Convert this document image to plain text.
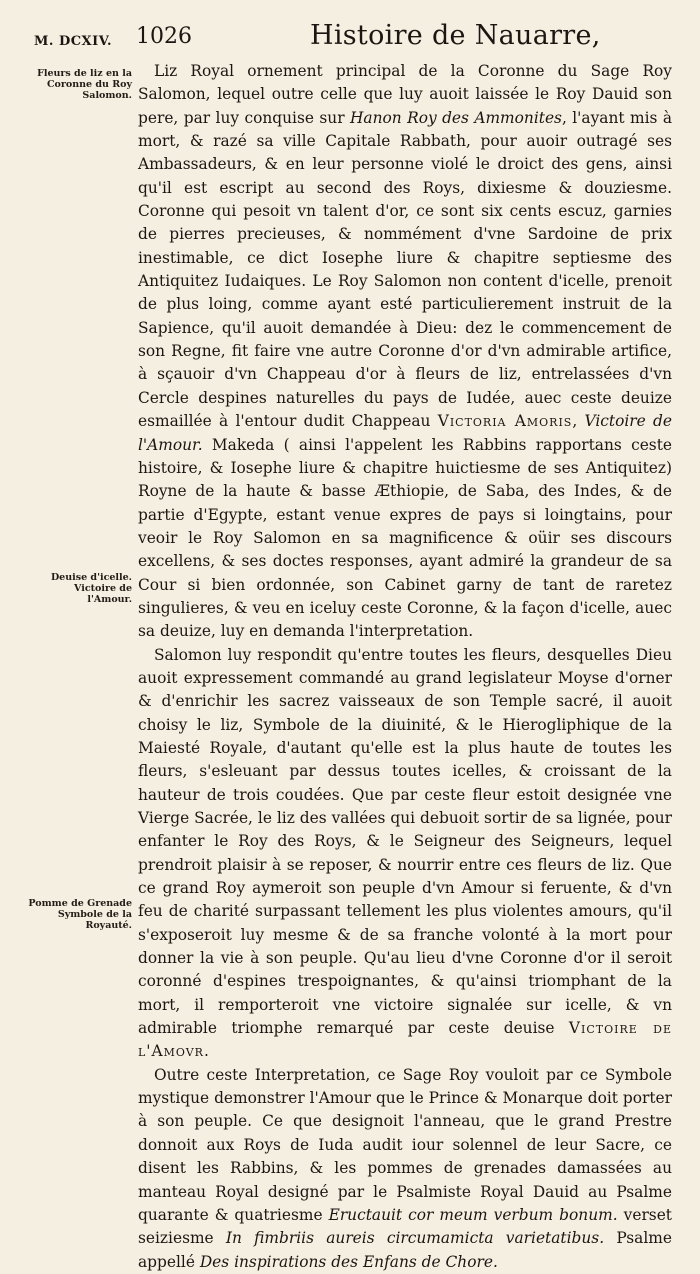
M. DCXIV. 1026	Histoire de Nauarre,
Fleurs de liz en la Coronne du Roy Salomon.
Deuise d'icelle. Victoire de l'Amour.
Pomme de Grenade Symbole de la Royauté.

Liz Royal ornement principal de la Coronne du Sage Roy Salomon, lequel outre celle que luy auoit laissée le Roy Dauid son pere, par luy conquise sur Hanon Roy des Ammonites, l'ayant mis à mort, & razé sa ville Capitale Rabbath, pour auoir outragé ses Ambassadeurs, & en leur personne violé le droict des gens, ainsi qu'il est escript au second des Roys, dixiesme & douziesme. Coronne qui pesoit vn talent d'or, ce sont six cents escuz, garnies de pierres precieuses, & nommément d'vne Sardoine de prix inestimable, ce dict Iosephe liure & chapitre septiesme des Antiquitez Iudaiques. Le Roy Salomon non content d'icelle, prenoit de plus loing, comme ayant esté particulierement instruit de la Sapience, qu'il auoit demandée à Dieu: dez le commencement de son Regne, fit faire vne autre Coronne d'or d'vn admirable artifice, à sçauoir d'vn Chappeau d'or à fleurs de liz, entrelassées d'vn Cercle despines naturelles du pays de Iudée, auec ceste deuize esmaillée à l'entour dudit Chappeau Victoria Amoris, Victoire de l'Amour. Makeda ( ainsi l'appelent les Rabbins rapportans ceste histoire, & Iosephe liure & chapitre huictiesme de ses Antiquitez) Royne de la haute & basse Æthiopie, de Saba, des Indes, & de partie d'Egypte, estant venue expres de pays si loingtains, pour veoir le Roy Salomon en sa magnificence & oüir ses discours excellens, & ses doctes responses, ayant admiré la grandeur de sa Cour si bien ordonnée, son Cabinet garny de tant de raretez singulieres, & veu en iceluy ceste Coronne, & la façon d'icelle, auec sa deuize, luy en demanda l'interpretation.

Salomon luy respondit qu'entre toutes les fleurs, desquelles Dieu auoit expressement commandé au grand legislateur Moyse d'orner & d'enrichir les sacrez vaisseaux de son Temple sacré, il auoit choisy le liz, Symbole de la diuinité, & le Hierogliphique de la Maiesté Royale, d'autant qu'elle est la plus haute de toutes les fleurs, s'esleuant par dessus toutes icelles, & croissant de la hauteur de trois coudées. Que par ceste fleur estoit designée vne Vierge Sacrée, le liz des vallées qui debuoit sortir de sa lignée, pour enfanter le Roy des Roys, & le Seigneur des Seigneurs, lequel prendroit plaisir à se reposer, & nourrir entre ces fleurs de liz. Que ce grand Roy aymeroit son peuple d'vn Amour si feruente, & d'vn feu de charité surpassant tellement les plus violentes amours, qu'il s'exposeroit luy mesme & de sa franche volonté à la mort pour donner la vie à son peuple. Qu'au lieu d'vne Coronne d'or il seroit coronné d'espines trespoignantes, & qu'ainsi triomphant de la mort, il remporteroit vne victoire signalée sur icelle, & vn admirable triomphe remarqué par ceste deuise Victoire de l'Amovr.

Outre ceste Interpretation, ce Sage Roy vouloit par ce Symbole mystique demonstrer l'Amour que le Prince & Monarque doit porter à son peuple. Ce que designoit l'anneau, que le grand Prestre donnoit aux Roys de Iuda audit iour solennel de leur Sacre, ce disent les Rabbins, & les pommes de grenades damassées au manteau Royal designé par le Psalmiste Royal Dauid au Psalme quarante & quatriesme Eructauit cor meum verbum bonum. verset seiziesme In fimbriis aureis circumamicta varietatibus. Psalme appellé Des inspirations des Enfans de Chore.
